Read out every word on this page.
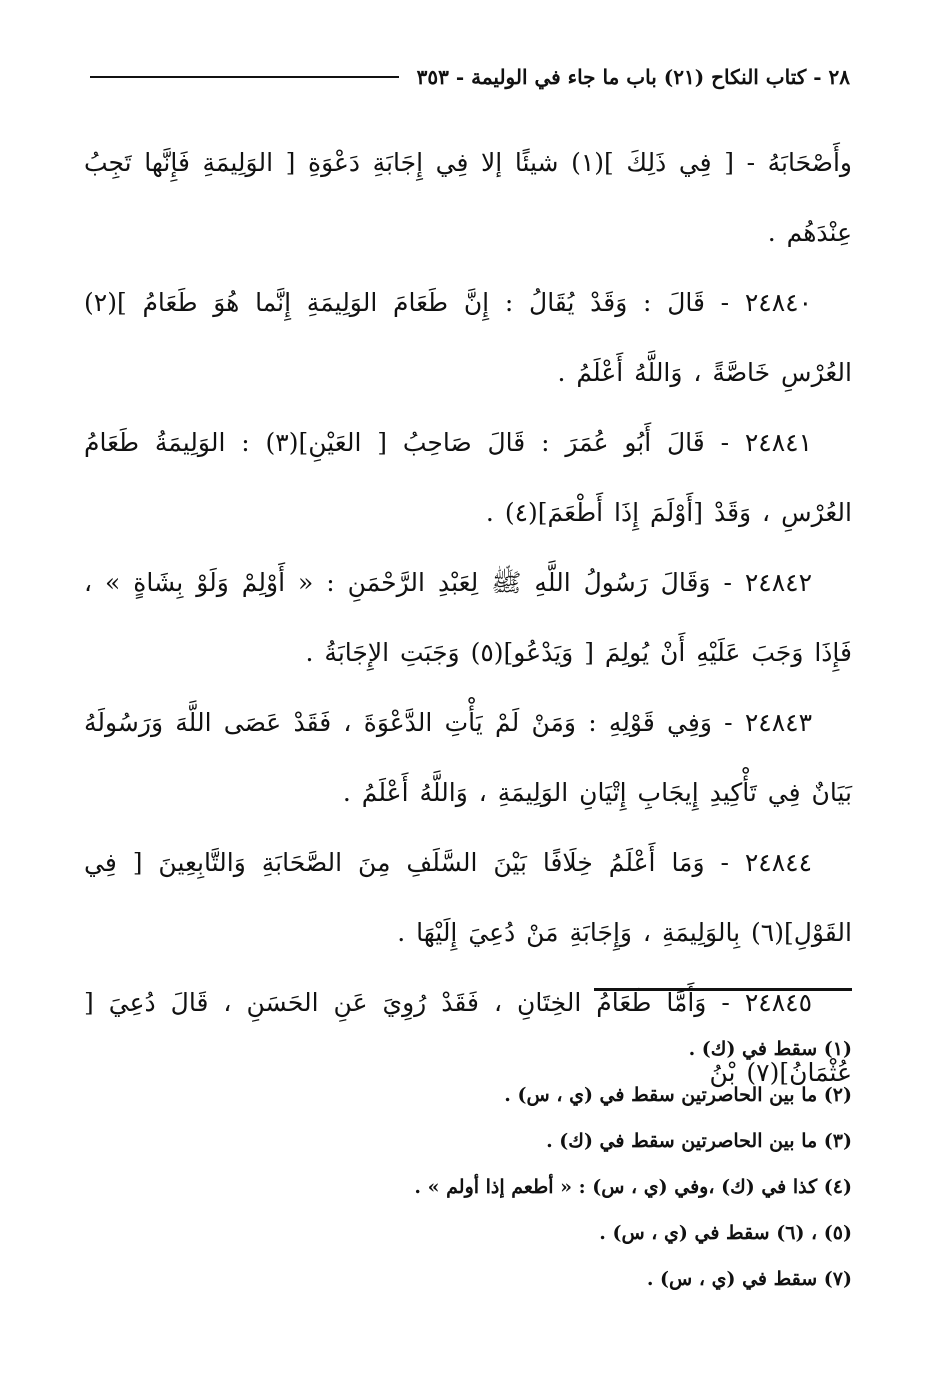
٢٨ - كتاب النكاح (٢١) باب ما جاء في الوليمة - ٣٥٣

وأَصْحَابَهُ - [ فِي ذَلِكَ ](١) شيئًا إلا فِي إِجَابَةِ دَعْوَةِ [ الوَلِيمَةِ فَإِنَّها تَجِبُ عِنْدَهُم .

٢٤٨٤٠ - قَالَ : وَقَدْ يُقَالُ : إِنَّ طَعَامَ الوَلِيمَةِ إِنَّما هُوَ طَعَامُ ](٢) العُرْسِ خَاصَّةً ، وَاللَّهُ أَعْلَمُ .

٢٤٨٤١ - قَالَ أَبُو عُمَرَ : قَالَ صَاحِبُ [ العَيْنِ](٣) : الوَلِيمَةُ طَعَامُ العُرْسِ ، وَقَدْ [أَوْلَمَ إِذَا أَطْعَمَ](٤) .

٢٤٨٤٢ - وَقَالَ رَسُولُ اللَّهِ ﷺ لِعَبْدِ الرَّحْمَنِ : « أَوْلِمْ وَلَوْ بِشَاةٍ » ، فَإِذَا وَجَبَ عَلَيْهِ أَنْ يُولِمَ [ وَيَدْعُو](٥) وَجَبَتِ الإِجَابَةُ .

٢٤٨٤٣ - وَفِي قَوْلِهِ : وَمَنْ لَمْ يَأْتِ الدَّعْوَةَ ، فَقَدْ عَصَى اللَّهَ وَرَسُولَهُ بَيَانٌ فِي تَأْكِيدِ إِيجَابِ إِتْيَانِ الوَلِيمَةِ ، وَاللَّهُ أَعْلَمُ .

٢٤٨٤٤ - وَمَا أَعْلَمُ خِلَافًا بَيْنَ السَّلَفِ مِنَ الصَّحَابَةِ وَالتَّابِعِينَ [ فِي القَوْلِ](٦) بِالوَلِيمَةِ ، وَإِجَابَةِ مَنْ دُعِيَ إِلَيْهَا .

٢٤٨٤٥ - وَأَمَّا طَعَامُ الخِتَانِ ، فَقَدْ رُوِيَ عَنِ الحَسَنِ ، قَالَ دُعِيَ [ عُثْمَانُ](٧) بْنُ

(١) سقط في (ك) .
(٢) ما بين الحاصرتين سقط في (ي ، س) .
(٣) ما بين الحاصرتين سقط في (ك) .
(٤) كذا في (ك) ،وفي (ي ، س) : « أطعم إذا أولم » .
(٥) ، (٦) سقط في (ي ، س) .
(٧) سقط في (ي ، س) .
